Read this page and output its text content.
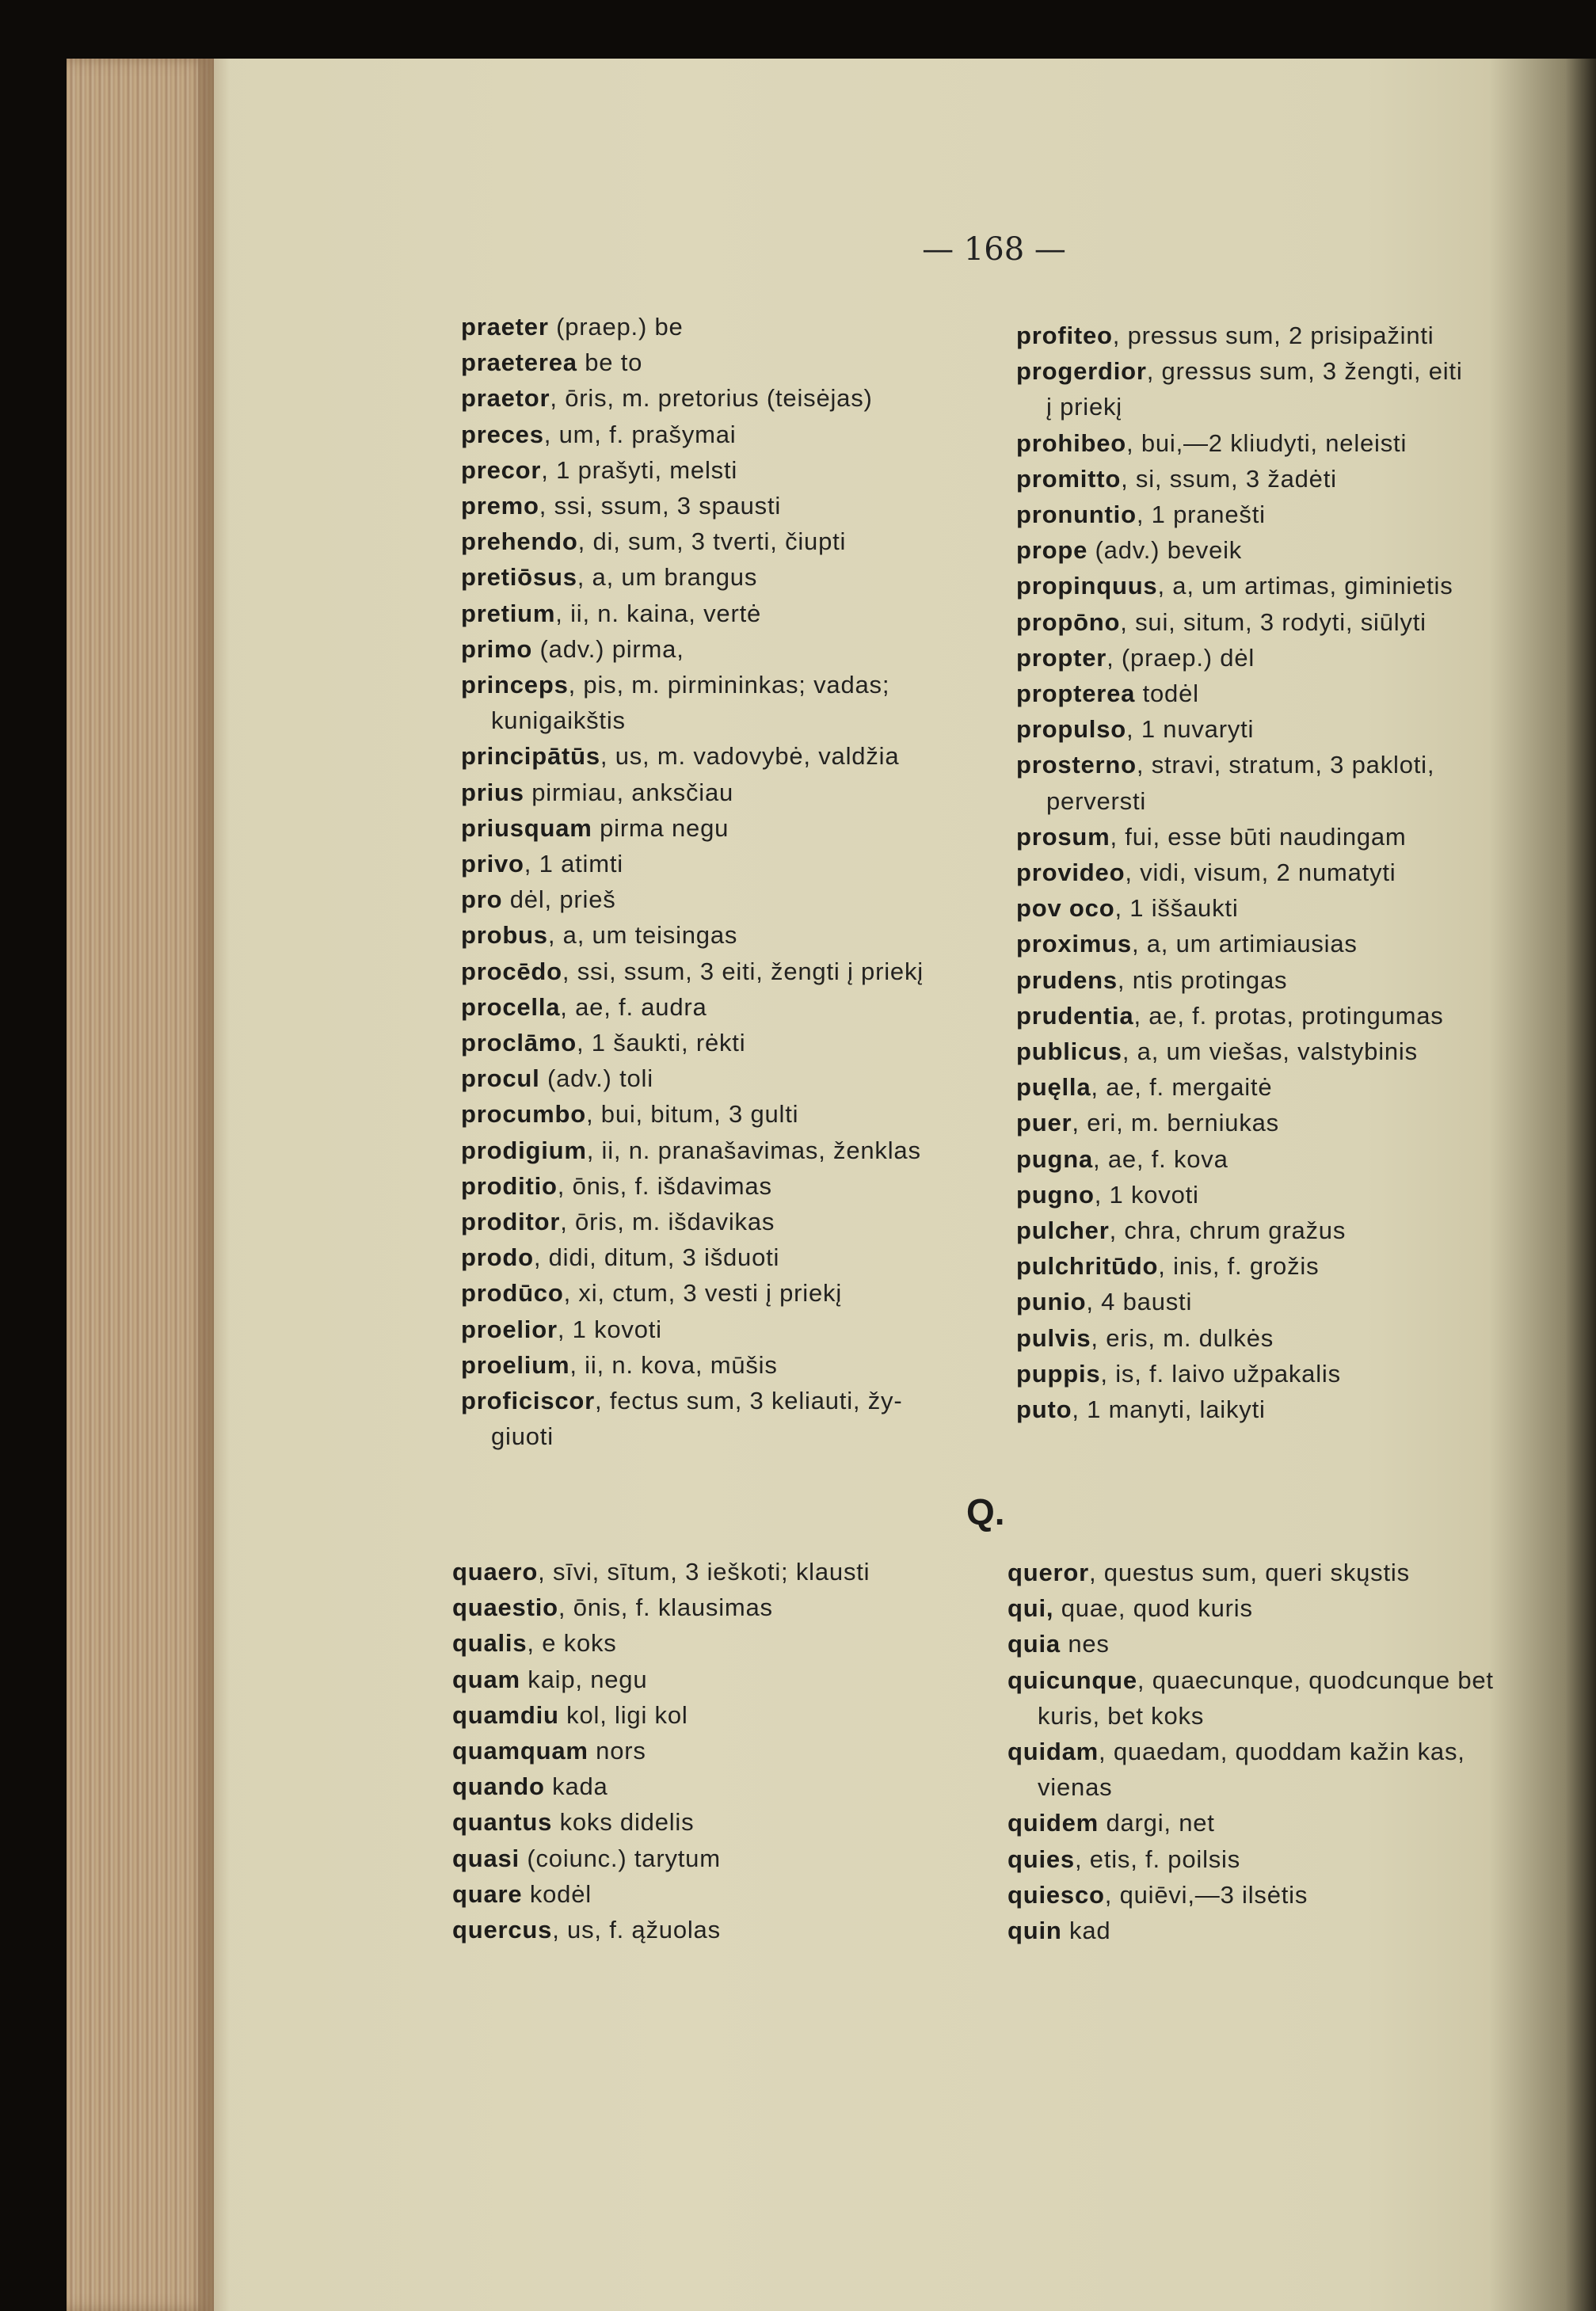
— 168 —
praeter (praep.) be
praeterea be to
praetor, ōris, m. pretorius (teisėjas)
preces, um, f. prašymai
precor, 1 prašyti, melsti
premo, ssi, ssum, 3 spausti
prehendo, di, sum, 3 tverti, čiupti
pretiōsus, a, um brangus
pretium, ii, n. kaina, vertė
primo (adv.) pirma,
princeps, pis, m. pirmininkas; vadas;
kunigaikštis
principātūs, us, m. vadovybė, valdžia
prius pirmiau, anksčiau
priusquam pirma negu
privo, 1 atimti
pro dėl, prieš
probus, a, um teisingas
procēdo, ssi, ssum, 3 eiti, žengti į priekį
procella, ae, f. audra
proclāmo, 1 šaukti, rėkti
procul (adv.) toli
procumbo, bui, bitum, 3 gulti
prodigium, ii, n. pranašavimas, ženklas
proditio, ōnis, f. išdavimas
proditor, ōris, m. išdavikas
prodo, didi, ditum, 3 išduoti
prodūco, xi, ctum, 3 vesti į priekį
proelior, 1 kovoti
proelium, ii, n. kova, mūšis
proficiscor, fectus sum, 3 keliauti, žy-
giuoti
profiteo, pressus sum, 2 prisipažinti
progerdior, gressus sum, 3 žengti, eiti
į priekį
prohibeo, bui,—2 kliudyti, neleisti
promitto, si, ssum, 3 žadėti
pronuntio, 1 pranešti
prope (adv.) beveik
propinquus, a, um artimas, giminietis
propōno, sui, situm, 3 rodyti, siūlyti
propter, (praep.) dėl
propterea todėl
propulso, 1 nuvaryti
prosterno, stravi, stratum, 3 pakloti,
perversti
prosum, fui, esse būti naudingam
provideo, vidi, visum, 2 numatyti
pov oco, 1 iššaukti
proximus, a, um artimiausias
prudens, ntis protingas
prudentia, ae, f. protas, protingumas
publicus, a, um viešas, valstybinis
puęlla, ae, f. mergaitė
puer, eri, m. berniukas
pugna, ae, f. kova
pugno, 1 kovoti
pulcher, chra, chrum gražus
pulchritūdo, inis, f. grožis
punio, 4 bausti
pulvis, eris, m. dulkės
puppis, is, f. laivo užpakalis
puto, 1 manyti, laikyti
Q.
quaero, sīvi, sītum, 3 ieškoti; klausti
quaestio, ōnis, f. klausimas
qualis, e koks
quam kaip, negu
quamdiu kol, ligi kol
quamquam nors
quando kada
quantus koks didelis
quasi (coiunc.) tarytum
quare kodėl
quercus, us, f. ąžuolas
queror, questus sum, queri skųstis
qui, quae, quod kuris
quia nes
quicunque, quaecunque, quodcunque bet
kuris, bet koks
quidam, quaedam, quoddam kažin kas,
vienas
quidem dargi, net
quies, etis, f. poilsis
quiesco, quiēvi,—3 ilsėtis
quin kad
